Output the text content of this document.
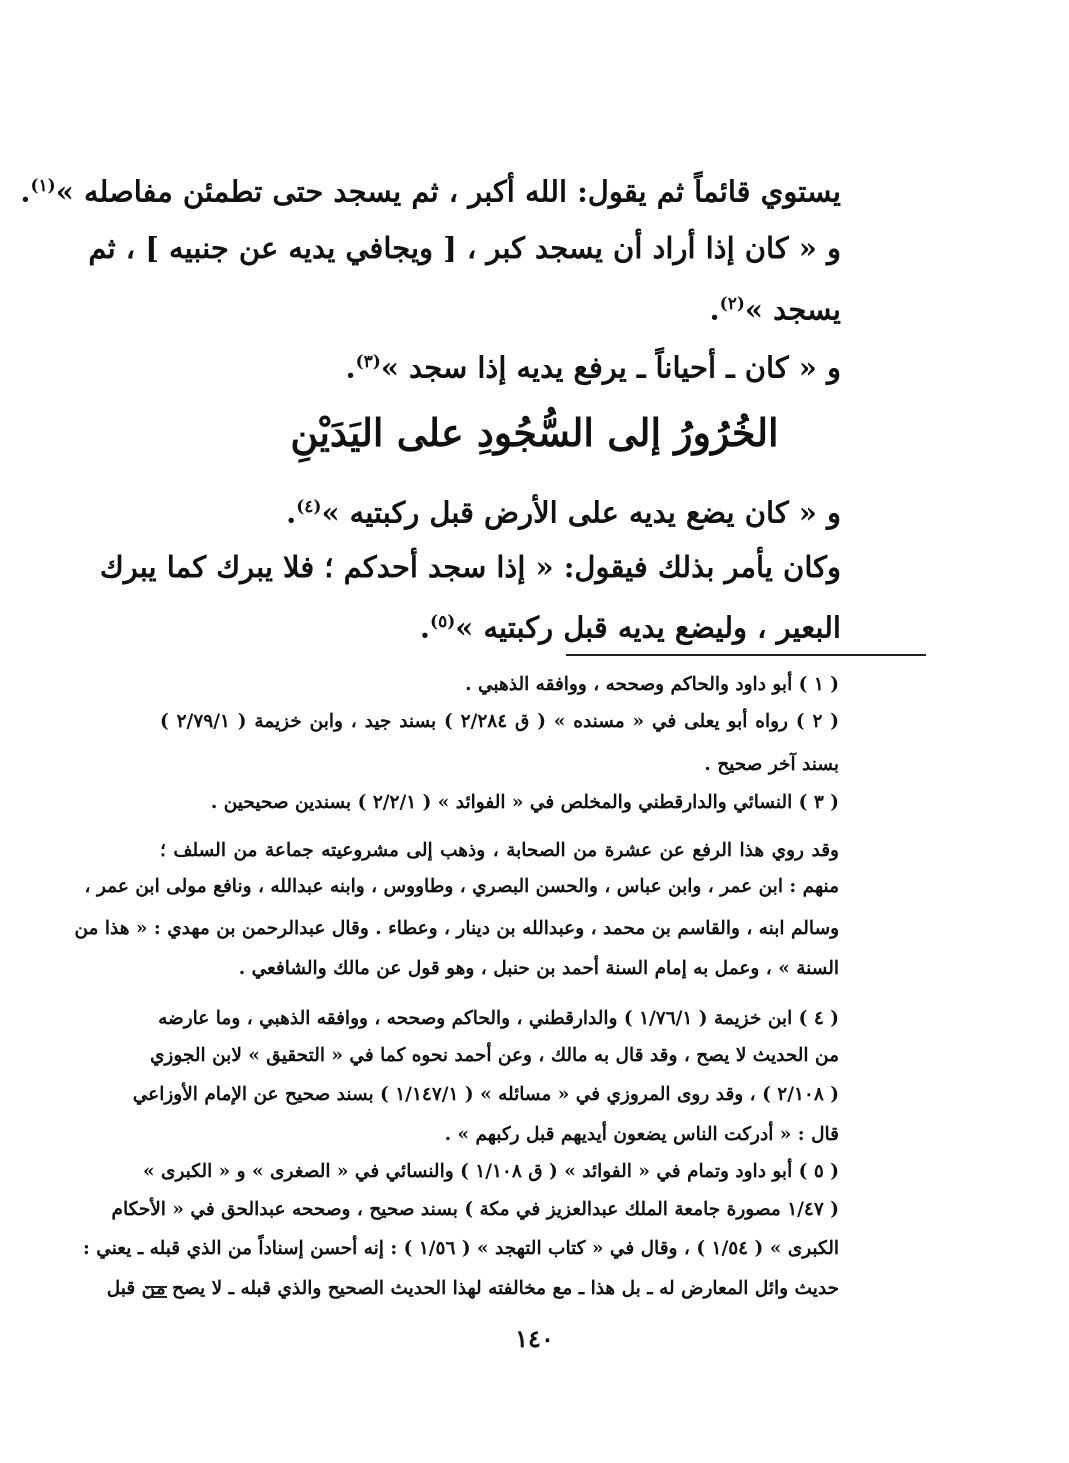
يستوي قائماً ثم يقول: الله أكبر ، ثم يسجد حتى تطمئن مفاصله »$^{(١)}$.
و « كان إذا أراد أن يسجد كبر ، [ ويجافي يديه عن جنبيه ] ، ثم
يسجد »$^{(٢)}$.
و « كان ـ أحياناً ـ يرفع يديه إذا سجد »$^{(٣)}$.
الخُرُورُ إلى السُّجُودِ على اليَدَيْنِ
و « كان يضع يديه على الأرض قبل ركبتيه »$^{(٤)}$.
وكان يأمر بذلك فيقول: « إذا سجد أحدكم ؛ فلا يبرك كما يبرك
البعير ، وليضع يديه قبل ركبتيه »$^{(٥)}$.
( ١ ) أبو داود والحاكم وصححه ، ووافقه الذهبي .
( ٢ ) رواه أبو يعلى في « مسنده » ( ق ٢/٢٨٤ ) بسند جيد ، وابن خزيمة ( ٢/٧٩/١ )
بسند آخر صحيح .
( ٣ ) النسائي والدارقطني والمخلص في « الفوائد » ( ٢/٢/١ ) بسندين صحيحين .
وقد روي هذا الرفع عن عشرة من الصحابة ، وذهب إلى مشروعيته جماعة من السلف ؛
منهم : ابن عمر ، وابن عباس ، والحسن البصري ، وطاووس ، وابنه عبدالله ، ونافع مولى ابن عمر ،
وسالم ابنه ، والقاسم بن محمد ، وعبدالله بن دينار ، وعطاء . وقال عبدالرحمن بن مهدي : « هذا من
السنة » ، وعمل به إمام السنة أحمد بن حنبل ، وهو قول عن مالك والشافعي .
( ٤ ) ابن خزيمة ( ١/٧٦/١ ) والدارقطني ، والحاكم وصححه ، ووافقه الذهبي ، وما عارضه
من الحديث لا يصح ، وقد قال به مالك ، وعن أحمد نحوه كما في « التحقيق » لابن الجوزي
( ٢/١٠٨ ) ، وقد روى المروزي في « مسائله » ( ١/١٤٧/١ ) بسند صحيح عن الإمام الأوزاعي
قال : « أدركت الناس يضعون أيديهم قبل ركبهم » .
( ٥ ) أبو داود وتمام في « الفوائد » ( ق ١/١٠٨ ) والنسائي في « الصغرى » و « الكبرى »
( ١/٤٧ مصورة جامعة الملك عبدالعزيز في مكة ) بسند صحيح ، وصححه عبدالحق في « الأحكام
الكبرى » ( ١/٥٤ ) ، وقال في « كتاب التهجد » ( ١/٥٦ ) : إنه أحسن إسناداً من الذي قبله ـ يعني :
حديث وائل المعارض له ـ بل هذا ـ مع مخالفته لهذا الحديث الصحيح والذي قبله ـ لا يصح من قبل
١٤٠
